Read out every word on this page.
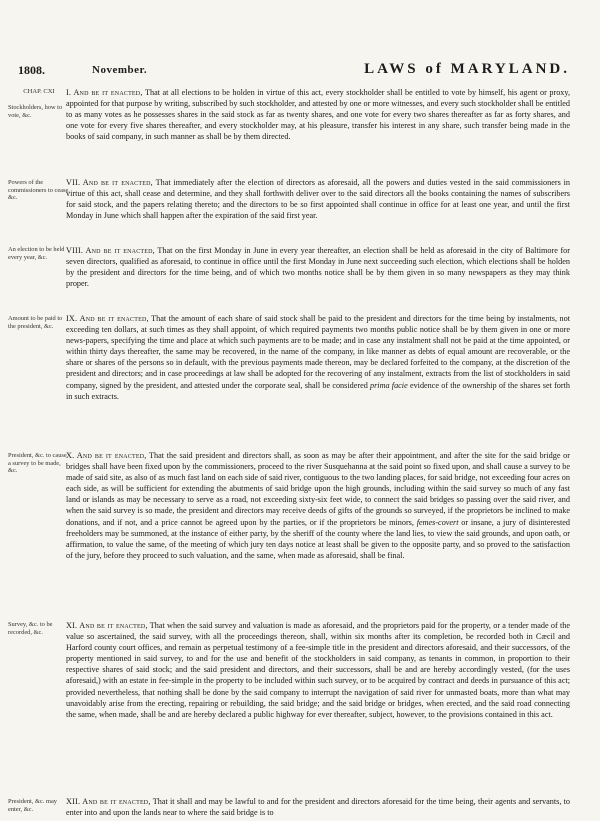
1808.	November.	LAWS of MARYLAND.
CHAP. CXI
Stockholders, how to vote, &c.
Powers of the commissioners to cease, &c.
An election to be held every year, &c.
Amount to be paid to the president, &c.
President, &c. to cause a survey to be made, &c.
Survey, &c. to be recorded, &c.
President, &c. may enter, &c.
I. And be it enacted, That at all elections to be holden in virtue of this act, every stockholder shall be entitled to vote by himself, his agent or proxy, appointed for that purpose by writing, subscribed by such stockholder, and attested by one or more witnesses, and every such stockholder shall be entitled to as many votes as he possesses shares in the said stock as far as twenty shares, and one vote for every two shares thereafter as far as forty shares, and one vote for every five shares thereafter, and every stockholder may, at his pleasure, transfer his interest in any share, such transfer being made in the books of said company, in such manner as shall be by them directed.
VII. And be it enacted, That immediately after the election of directors as aforesaid, all the powers and duties vested in the said commissioners in virtue of this act, shall cease and determine, and they shall forthwith deliver over to the said directors all the books containing the names of subscribers for said stock, and the papers relating thereto; and the directors to be so first appointed shall continue in office for at least one year, and until the first Monday in June which shall happen after the expiration of the said first year.
VIII. And be it enacted, That on the first Monday in June in every year thereafter, an election shall be held as aforesaid in the city of Baltimore for seven directors, qualified as aforesaid, to continue in office until the first Monday in June next succeeding such election, which elections shall be holden by the president and directors for the time being, and of which two months notice shall be by them given in so many newspapers as they may think proper.
IX. And be it enacted, That the amount of each share of said stock shall be paid to the president and directors for the time being by instalments, not exceeding ten dollars, at such times as they shall appoint, of which required payments two months public notice shall be by them given in one or more news-papers, specifying the time and place at which such payments are to be made; and in case any instalment shall not be paid at the time appointed, or within thirty days thereafter, the same may be recovered, in the name of the company, in like manner as debts of equal amount are recoverable, or the share or shares of the persons so in default, with the previous payments made thereon, may be declared forfeited to the company, at the discretion of the president and directors; and in case proceedings at law shall be adopted for the recovering of any instalment, extracts from the list of stockholders in said company, signed by the president, and attested under the corporate seal, shall be considered prima facie evidence of the ownership of the shares set forth in such extracts.
X. And be it enacted, That the said president and directors shall, as soon as may be after their appointment, and after the site for the said bridge or bridges shall have been fixed upon by the commissioners, proceed to the river Susquehanna at the said point so fixed upon, and shall cause a survey to be made of said site, as also of as much fast land on each side of said river, contiguous to the two landing places, for said bridge, not exceeding four acres on each side, as will be sufficient for extending the abutments of said bridge upon the high grounds, including within the said survey so much of any fast land or islands as may be necessary to serve as a road, not exceeding sixty-six feet wide, to connect the said bridges so passing over the said river, and when the said survey is so made, the president and directors may receive deeds of gifts of the grounds so surveyed, if the proprietors be inclined to make donations, and if not, and a price cannot be agreed upon by the parties, or if the proprietors be minors, femes-covert or insane, a jury of disinterested freeholders may be summoned, at the instance of either party, by the sheriff of the county where the land lies, to view the said grounds, and upon oath, or affirmation, to value the same, of the meeting of which jury ten days notice at least shall be given to the opposite party, and so proved to the satisfaction of the jury, before they proceed to such valuation, and the same, when made as aforesaid, shall be final.
XI. And be it enacted, That when the said survey and valuation is made as aforesaid, and the proprietors paid for the property, or a tender made of the value so ascertained, the said survey, with all the proceedings thereon, shall, within six months after its completion, be recorded both in Cæcil and Harford county court offices, and remain as perpetual testimony of a fee-simple title in the president and directors aforesaid, and their successors, of the property mentioned in said survey, to and for the use and benefit of the stockholders in said company, as tenants in common, in proportion to their respective shares of said stock; and the said president and directors, and their successors, shall be and are hereby accordingly vested, (for the uses aforesaid,) with an estate in fee-simple in the property to be included within such survey, or to be acquired by contract and deeds in pursuance of this act; provided nevertheless, that nothing shall be done by the said company to interrupt the navigation of said river for unmasted boats, more than what may unavoidably arise from the erecting, repairing or rebuilding, the said bridge; and the said bridge or bridges, when erected, and the said road connecting the same, when made, shall be and are hereby declared a public highway for ever thereafter, subject, however, to the provisions contained in this act.
XII. And be it enacted, That it shall and may be lawful to and for the president and directors aforesaid for the time being, their agents and servants, to enter into and upon the lands near to where the said bridge is to
